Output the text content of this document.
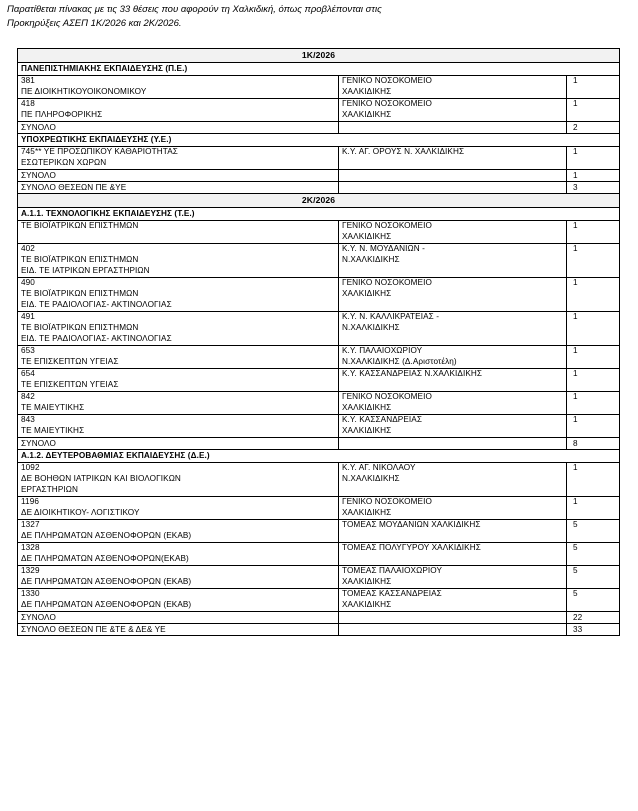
Παρατίθεται πίνακας με τις 33 θέσεις που αφορούν τη Χαλκιδική, όπως προβλέπονται στις
Προκηρύξεις ΑΣΕΠ 1Κ/2026 και 2Κ/2026.
1Κ/2026		
ΠΑΝΕΠΙΣΤΗΜΙΑΚΗΣ ΕΚΠΑΙΔΕΥΣΗΣ (Π.Ε.)		

381
ΠΕ ΔΙΟΙΚΗΤΙΚΟΥΟΙΚΟΝΟΜΙΚΟΥ	ΓΕΝΙΚΟ ΝΟΣΟΚΟΜΕΙΟ
ΧΑΛΚΙΔΙΚΗΣ	1

418
ΠΕ ΠΛΗΡΟΦΟΡΙΚΗΣ	ΓΕΝΙΚΟ ΝΟΣΟΚΟΜΕΙΟ
ΧΑΛΚΙΔΙΚΗΣ	1
ΣΥΝΟΛΟ		2
ΥΠΟΧΡΕΩΤΙΚΗΣ ΕΚΠΑΙΔΕΥΣΗΣ (Υ.Ε.)		

745** ΥΕ ΠΡΟΣΩΠΙΚΟΥ ΚΑΘΑΡΙΟΤΗΤΑΣ
ΕΣΩΤΕΡΙΚΩΝ ΧΩΡΩΝ	Κ.Υ. ΑΓ. ΟΡΟΥΣ Ν. ΧΑΛΚΙΔΙΚΗΣ	1
ΣΥΝΟΛΟ		1
ΣΥΝΟΛΟ ΘΕΣΕΩΝ ΠΕ &ΥΕ		3
2Κ/2026		
Α.1.1. ΤΕΧΝΟΛΟΓΙΚΗΣ ΕΚΠΑΙΔΕΥΣΗΣ (Τ.Ε.)		

ΤΕ ΒΙΟΪΑΤΡΙΚΩΝ ΕΠΙΣΤΗΜΩΝ	ΓΕΝΙΚΟ ΝΟΣΟΚΟΜΕΙΟ
ΧΑΛΚΙΔΙΚΗΣ	1

402
ΤΕ ΒΙΟΪΑΤΡΙΚΩΝ ΕΠΙΣΤΗΜΩΝ
ΕΙΔ. ΤΕ ΙΑΤΡΙΚΩΝ ΕΡΓΑΣΤΗΡΙΩΝ	Κ.Υ. Ν. ΜΟΥΔΑΝΙΩΝ -
Ν.ΧΑΛΚΙΔΙΚΗΣ	1

490
ΤΕ ΒΙΟΪΑΤΡΙΚΩΝ ΕΠΙΣΤΗΜΩΝ
ΕΙΔ. ΤΕ ΡΑΔΙΟΛΟΓΙΑΣ- ΑΚΤΙΝΟΛΟΓΙΑΣ	ΓΕΝΙΚΟ ΝΟΣΟΚΟΜΕΙΟ
ΧΑΛΚΙΔΙΚΗΣ	1

491
ΤΕ ΒΙΟΪΑΤΡΙΚΩΝ ΕΠΙΣΤΗΜΩΝ
ΕΙΔ. ΤΕ ΡΑΔΙΟΛΟΓΙΑΣ- ΑΚΤΙΝΟΛΟΓΙΑΣ	Κ.Υ. Ν. ΚΑΛΛΙΚΡΑΤΕΙΑΣ -
Ν.ΧΑΛΚΙΔΙΚΗΣ	1

653
ΤΕ ΕΠΙΣΚΕΠΤΩΝ ΥΓΕΙΑΣ	Κ.Υ. ΠΑΛΑΙΟΧΩΡΙΟΥ
Ν.ΧΑΛΚΙΔΙΚΗΣ (Δ.Αριστοτέλη)	1

654
ΤΕ ΕΠΙΣΚΕΠΤΩΝ ΥΓΕΙΑΣ	Κ.Υ. ΚΑΣΣΑΝΔΡΕΙΑΣ Ν.ΧΑΛΚΙΔΙΚΗΣ	1

842
ΤΕ ΜΑΙΕΥΤΙΚΗΣ	ΓΕΝΙΚΟ ΝΟΣΟΚΟΜΕΙΟ
ΧΑΛΚΙΔΙΚΗΣ	1

843
ΤΕ ΜΑΙΕΥΤΙΚΗΣ	Κ.Υ. ΚΑΣΣΑΝΔΡΕΙΑΣ
ΧΑΛΚΙΔΙΚΗΣ	1
ΣΥΝΟΛΟ		8
Α.1.2. ΔΕΥΤΕΡΟΒΑΘΜΙΑΣ ΕΚΠΑΙΔΕΥΣΗΣ (Δ.Ε.)		

1092
ΔΕ ΒΟΗΘΩΝ ΙΑΤΡΙΚΩΝ ΚΑΙ ΒΙΟΛΟΓΙΚΩΝ
ΕΡΓΑΣΤΗΡΙΩΝ	Κ.Υ. ΑΓ. ΝΙΚΟΛΑΟΥ
Ν.ΧΑΛΚΙΔΙΚΗΣ	1

1196
ΔΕ ΔΙΟΙΚΗΤΙΚΟΥ- ΛΟΓΙΣΤΙΚΟΥ	ΓΕΝΙΚΟ ΝΟΣΟΚΟΜΕΙΟ
ΧΑΛΚΙΔΙΚΗΣ	1

1327
ΔΕ ΠΛΗΡΩΜΑΤΩΝ ΑΣΘΕΝΟΦΟΡΩΝ (ΕΚΑΒ)	ΤΟΜΕΑΣ ΜΟΥΔΑΝΙΩΝ ΧΑΛΚΙΔΙΚΗΣ	5

1328
ΔΕ ΠΛΗΡΩΜΑΤΩΝ ΑΣΘΕΝΟΦΟΡΩΝ(ΕΚΑΒ)	ΤΟΜΕΑΣ ΠΟΛΥΓΥΡΟΥ ΧΑΛΚΙΔΙΚΗΣ	5

1329
ΔΕ ΠΛΗΡΩΜΑΤΩΝ ΑΣΘΕΝΟΦΟΡΩΝ (ΕΚΑΒ)	ΤΟΜΕΑΣ ΠΑΛΑΙΟΧΩΡΙΟΥ
ΧΑΛΚΙΔΙΚΗΣ	5

1330
ΔΕ ΠΛΗΡΩΜΑΤΩΝ ΑΣΘΕΝΟΦΟΡΩΝ (ΕΚΑΒ)	ΤΟΜΕΑΣ ΚΑΣΣΑΝΔΡΕΙΑΣ
ΧΑΛΚΙΔΙΚΗΣ	5
ΣΥΝΟΛΟ		22
ΣΥΝΟΛΟ ΘΕΣΕΩΝ ΠΕ &ΤΕ & ΔΕ& ΥΕ		33
